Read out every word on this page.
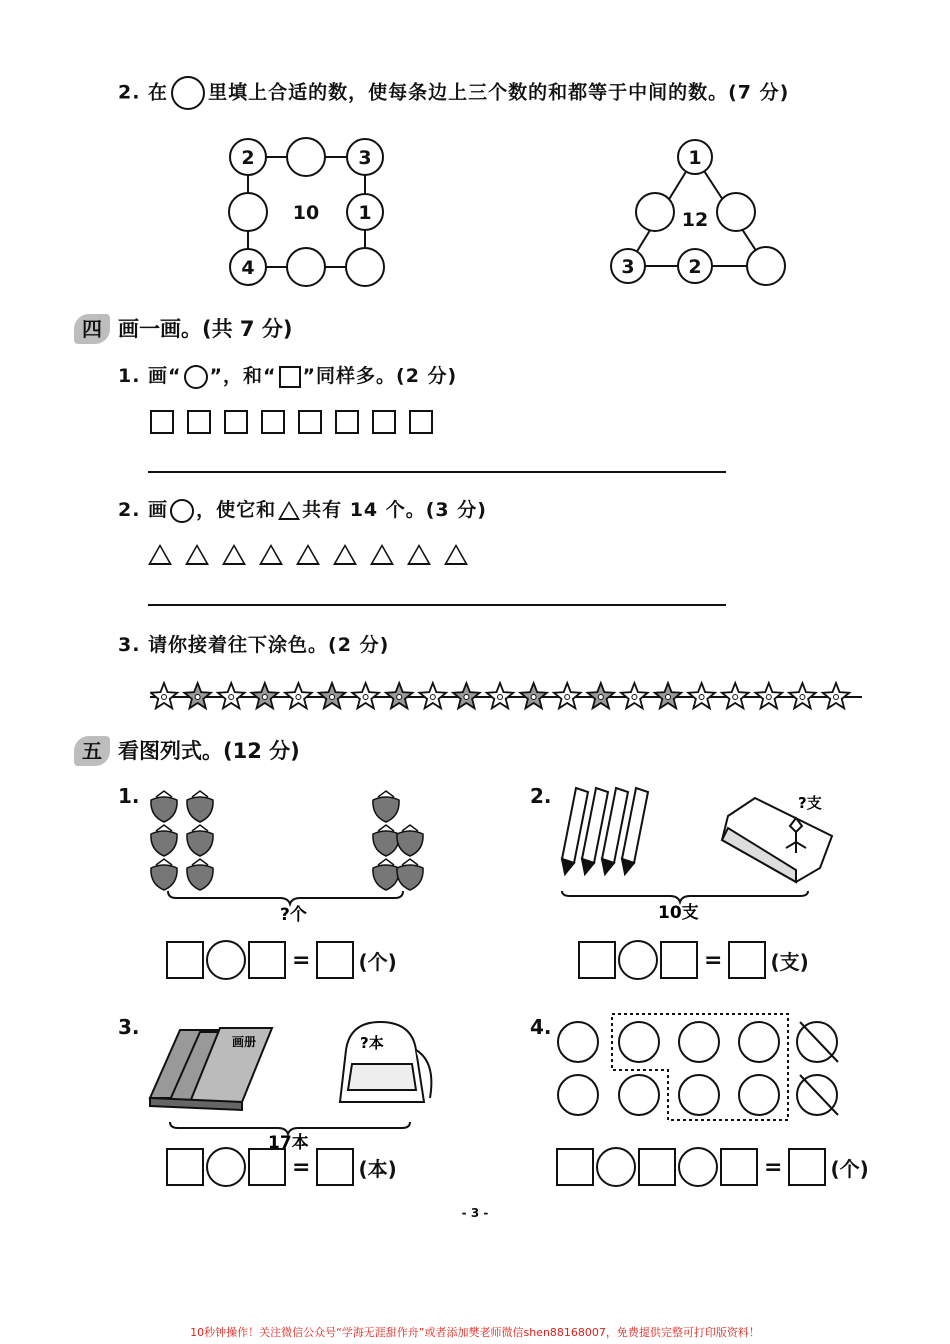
2. 在 里填上合适的数，使每条边上三个数的和都等于中间的数。(7 分)
2	3
1
4
10
1
3	2
12
四 画一画。(共 7 分)
1. 画“ ”，和“ ”同样多。(2 分)
2. 画 ，使它和 共有 14 个。(3 分)
3. 请你接着往下涂色。(2 分)
五 看图列式。(12 分)
1.
?个
= (个)
2.	?支
10支
= (支)
3.
画册	?本
17本
= (本)
4.
= (个)
- 3 -
10秒钟操作！关注微信公众号“学海无涯甜作舟”或者添加樊老师微信shen88168007，免费提供完整可打印版资料！
